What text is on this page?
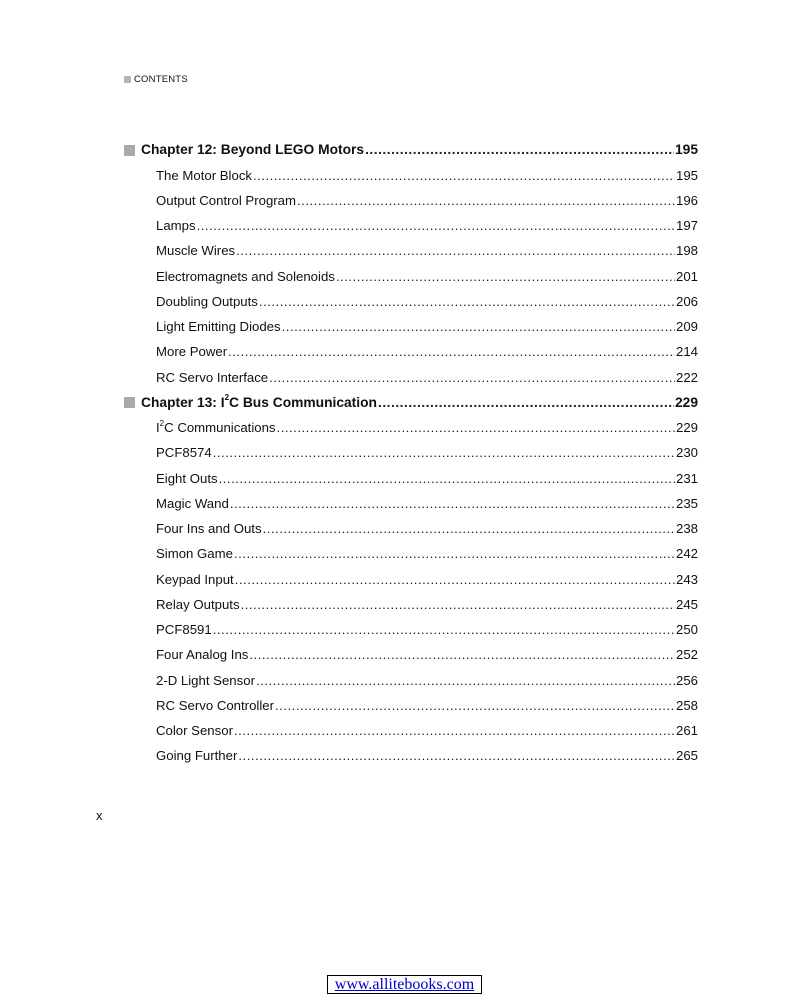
CONTENTS
Chapter 12: Beyond LEGO Motors .....	195
The Motor Block .....	195
Output Control Program .....	196
Lamps .....	197
Muscle Wires .....	198
Electromagnets and Solenoids .....	201
Doubling Outputs .....	206
Light Emitting Diodes .....	209
More Power .....	214
RC Servo Interface .....	222
Chapter 13: $I^2C$ Bus Communication .....	229
$I^2C$ Communications .....	229
PCF8574 .....	230
Eight Outs .....	231
Magic Wand .....	235
Four Ins and Outs .....	238
Simon Game .....	242
Keypad Input .....	243
Relay Outputs .....	245
PCF8591 .....	250
Four Analog Ins .....	252
2-D Light Sensor .....	256
RC Servo Controller .....	258
Color Sensor .....	261
Going Further .....	265
x
www.allitebooks.com
